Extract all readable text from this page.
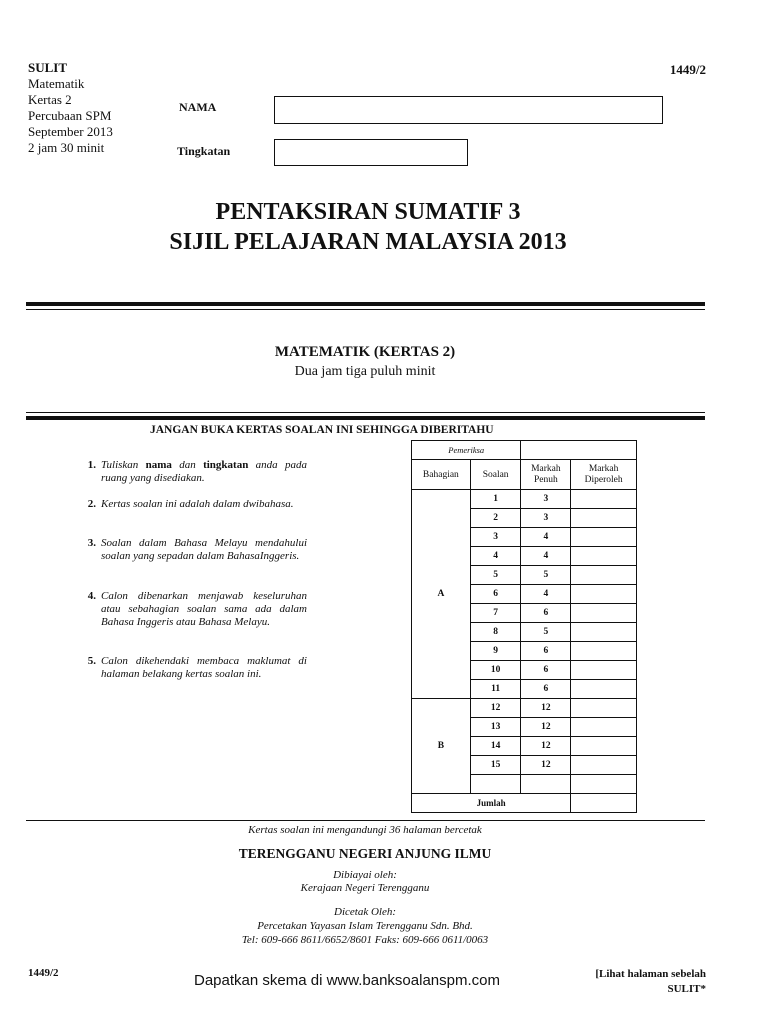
SULIT
Matematik
Kertas 2
Percubaan SPM
September 2013
2 jam 30 minit
1449/2
NAMA
Tingkatan
PENTAKSIRAN SUMATIF 3
SIJIL PELAJARAN MALAYSIA 2013
MATEMATIK (KERTAS 2)
Dua jam tiga puluh minit
JANGAN BUKA KERTAS SOALAN INI SEHINGGA DIBERITAHU
1. Tuliskan nama dan tingkatan anda pada ruang yang disediakan.
2. Kertas soalan ini adalah dalam dwibahasa.
3. Soalan dalam Bahasa Melayu mendahului soalan yang sepadan dalam BahasaInggeris.
4. Calon dibenarkan menjawab keseluruhan atau sebahagian soalan sama ada dalam Bahasa Inggeris atau Bahasa Melayu.
5. Calon dikehendaki membaca maklumat di halaman belakang kertas soalan ini.
Pemeriksa			
Bahagian	Soalan	Markah Penuh	Markah Diperoleh
A	1	3	
	2	3	
	3	4	
	4	4	
	5	5	
	6	4	
	7	6	
	8	5	
	9	6	
	10	6	
	11	6	
B	12	12	
	13	12	
	14	12	
	15	12	

Jumlah			
Kertas soalan ini mengandungi 36 halaman bercetak
TERENGGANU NEGERI ANJUNG ILMU
Dibiayai oleh:
Kerajaan Negeri Terengganu
Dicetak Oleh:
Percetakan Yayasan Islam Terengganu Sdn. Bhd.
Tel: 609-666 8611/6652/8601 Faks: 609-666 0611/0063
1449/2	Dapatkan skema di www.banksoalanspm.com	[Lihat halaman sebelah
SULIT*
